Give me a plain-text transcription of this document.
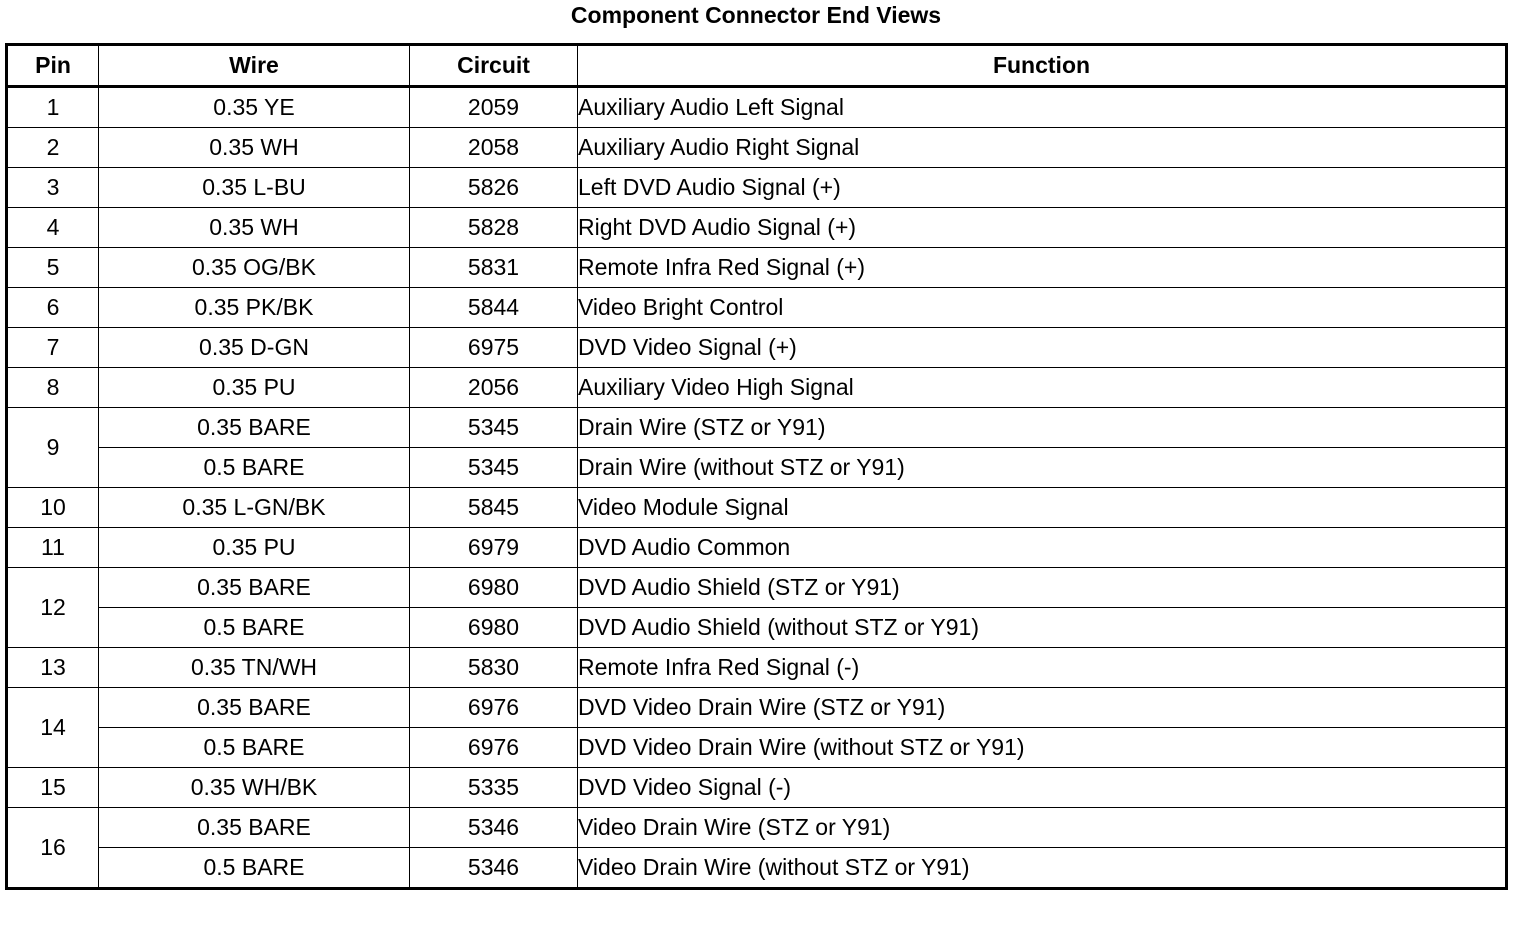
Component Connector End Views
Pin	Wire	Circuit	Function
1	0.35 YE	2059	Auxiliary Audio Left Signal
2	0.35 WH	2058	Auxiliary Audio Right Signal
3	0.35 L-BU	5826	Left DVD Audio Signal (+)
4	0.35 WH	5828	Right DVD Audio Signal (+)
5	0.35 OG/BK	5831	Remote Infra Red Signal (+)
6	0.35 PK/BK	5844	Video Bright Control
7	0.35 D-GN	6975	DVD Video Signal (+)
8	0.35 PU	2056	Auxiliary Video High Signal
9	0.35 BARE	5345	Drain Wire (STZ or Y91)
	0.5 BARE	5345	Drain Wire (without STZ or Y91)
10	0.35 L-GN/BK	5845	Video Module Signal
11	0.35 PU	6979	DVD Audio Common
12	0.35 BARE	6980	DVD Audio Shield (STZ or Y91)
	0.5 BARE	6980	DVD Audio Shield (without STZ or Y91)
13	0.35 TN/WH	5830	Remote Infra Red Signal (-)
14	0.35 BARE	6976	DVD Video Drain Wire (STZ or Y91)
	0.5 BARE	6976	DVD Video Drain Wire (without STZ or Y91)
15	0.35 WH/BK	5335	DVD Video Signal (-)
16	0.35 BARE	5346	Video Drain Wire (STZ or Y91)
	0.5 BARE	5346	Video Drain Wire (without STZ or Y91)
